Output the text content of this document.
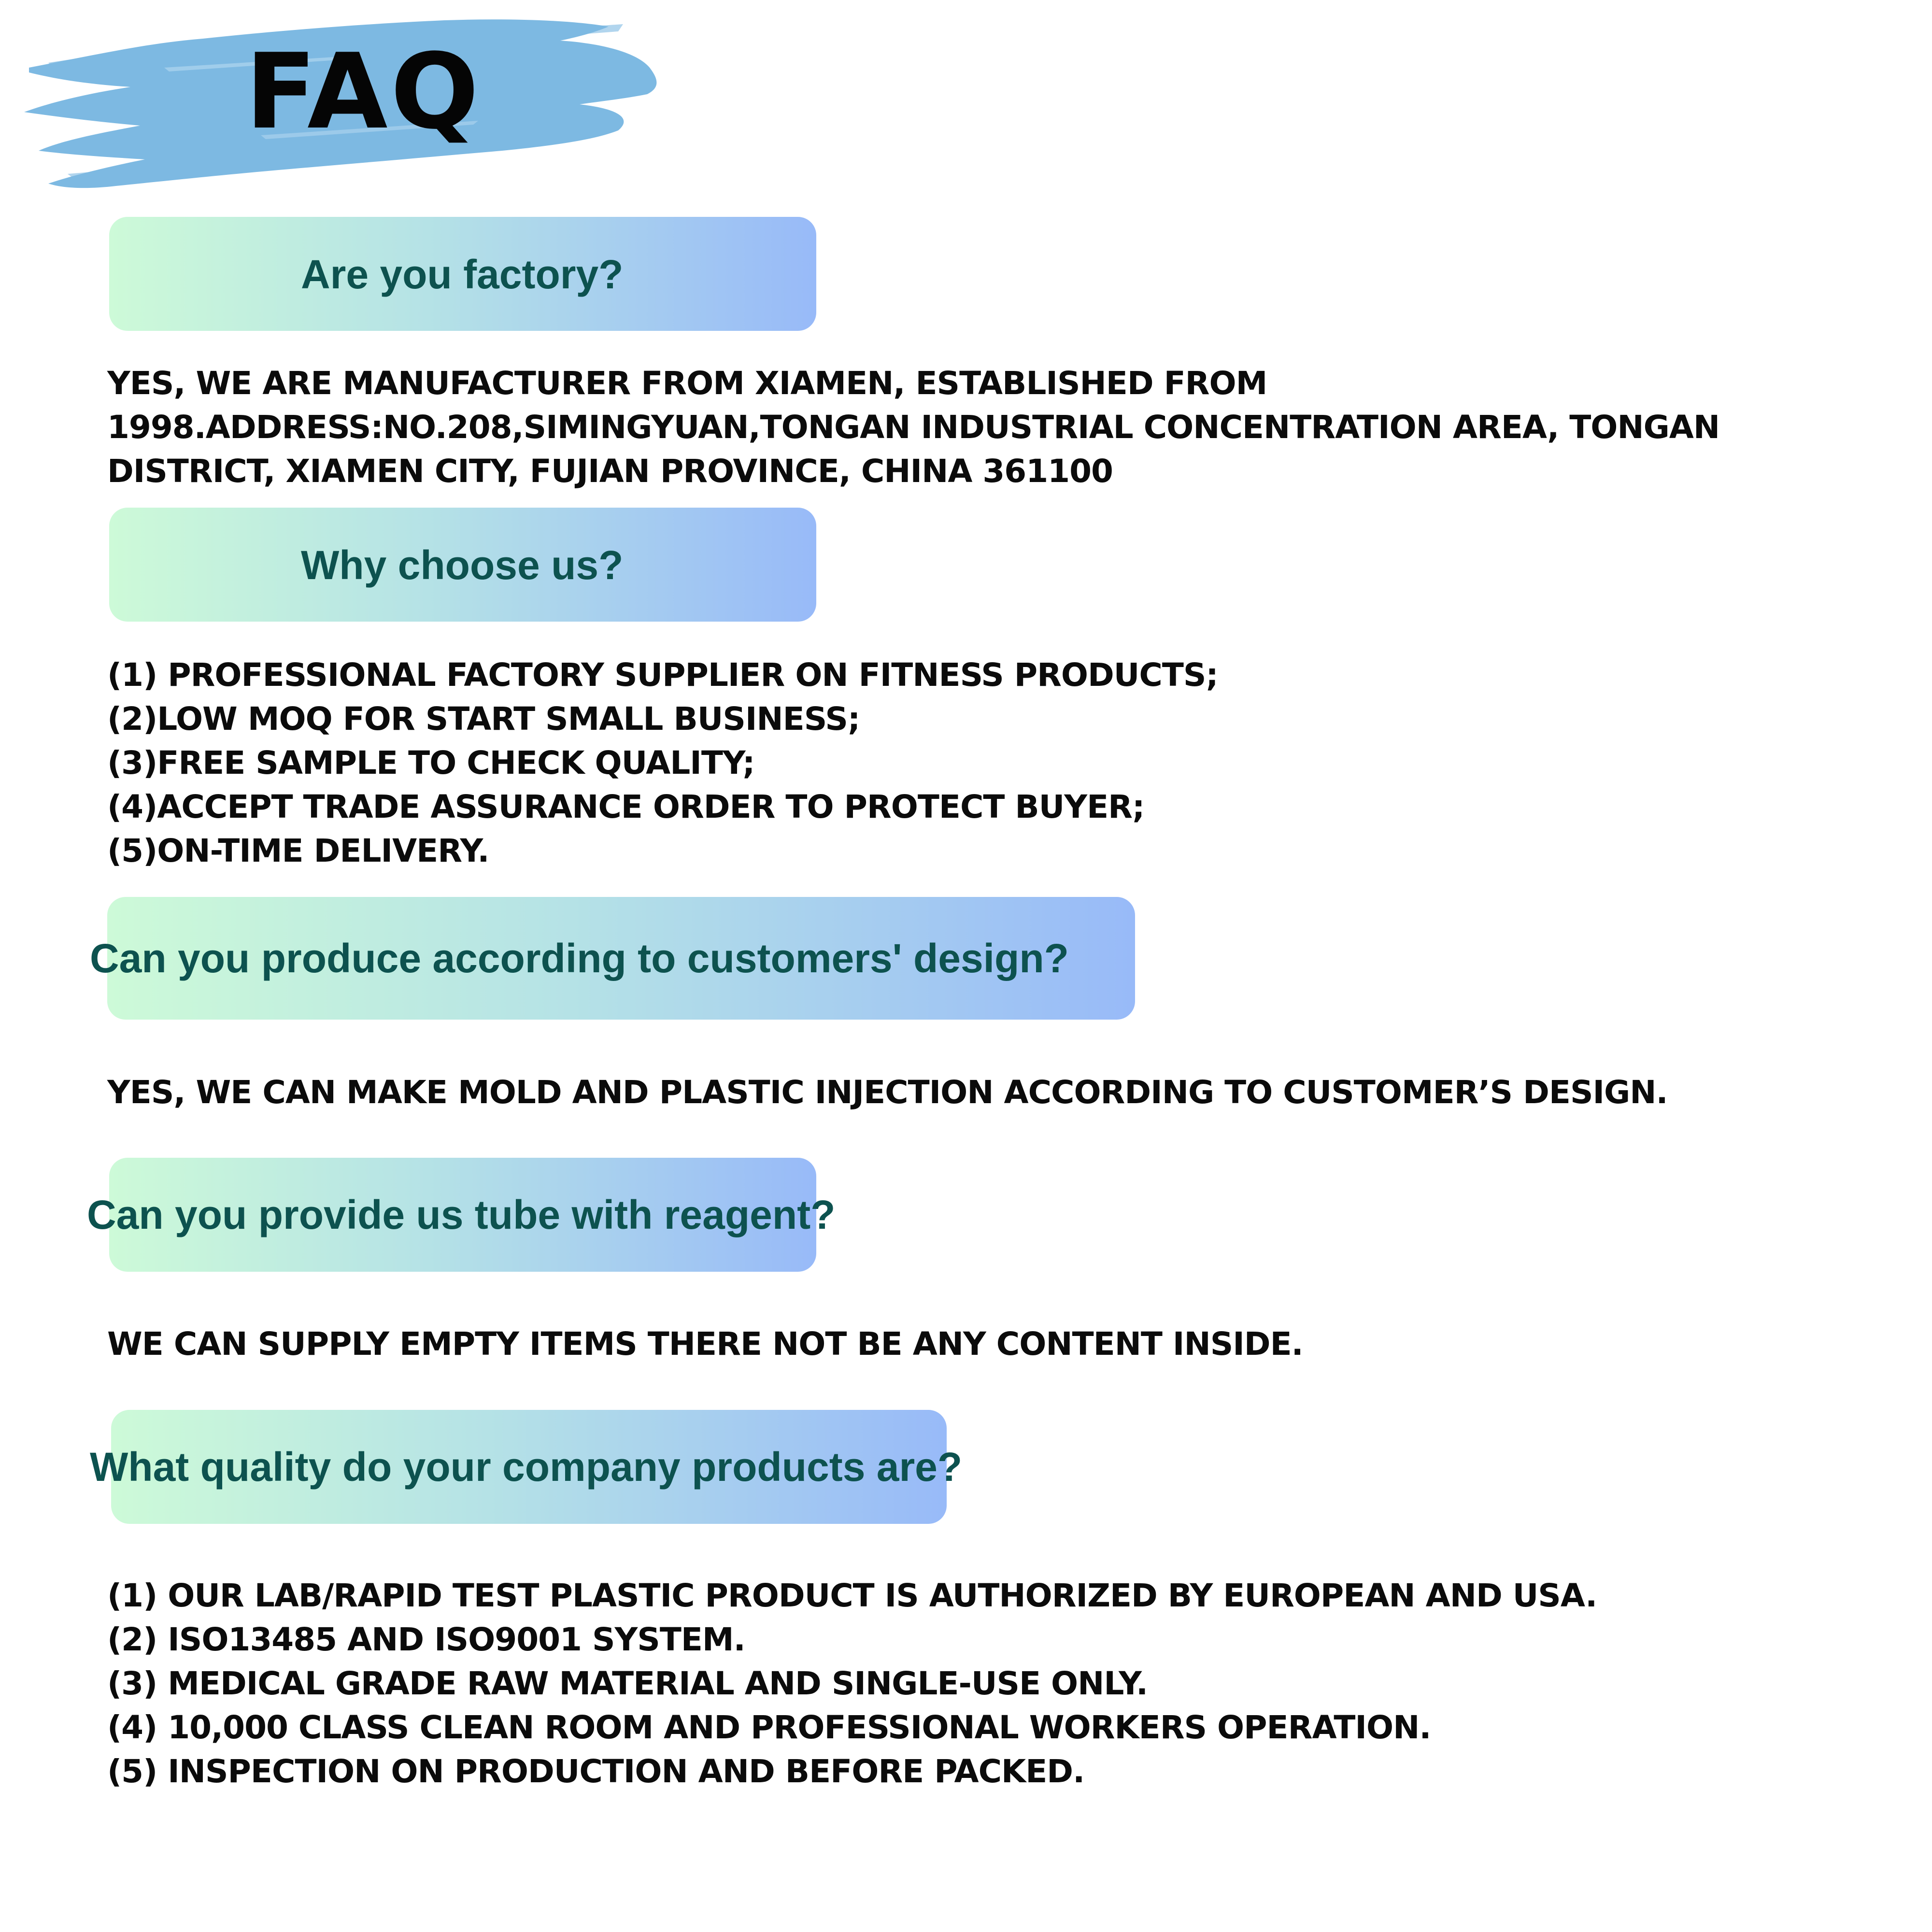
FAQ
Are you factory?
YES, WE ARE MANUFACTURER FROM XIAMEN, ESTABLISHED FROM
1998.ADDRESS:NO.208,SIMINGYUAN,TONGAN INDUSTRIAL CONCENTRATION AREA, TONGAN
DISTRICT, XIAMEN CITY, FUJIAN PROVINCE, CHINA 361100
Why choose us?
(1) PROFESSIONAL FACTORY SUPPLIER ON FITNESS PRODUCTS;
(2)LOW MOQ FOR START SMALL BUSINESS;
(3)FREE SAMPLE TO CHECK QUALITY;
(4)ACCEPT TRADE ASSURANCE ORDER TO PROTECT BUYER;
(5)ON-TIME DELIVERY.
Can you produce according to customers' design?
YES, WE CAN MAKE MOLD AND PLASTIC INJECTION ACCORDING TO CUSTOMER’S DESIGN.
Can you provide us tube with reagent?
WE CAN SUPPLY EMPTY ITEMS THERE NOT BE ANY CONTENT INSIDE.
What quality do your company products are?
(1) OUR LAB/RAPID TEST PLASTIC PRODUCT IS AUTHORIZED BY EUROPEAN AND USA.
(2) ISO13485 AND ISO9001 SYSTEM.
(3) MEDICAL GRADE RAW MATERIAL AND SINGLE-USE ONLY.
(4) 10,000 CLASS CLEAN ROOM AND PROFESSIONAL WORKERS OPERATION.
(5) INSPECTION ON PRODUCTION AND BEFORE PACKED.
